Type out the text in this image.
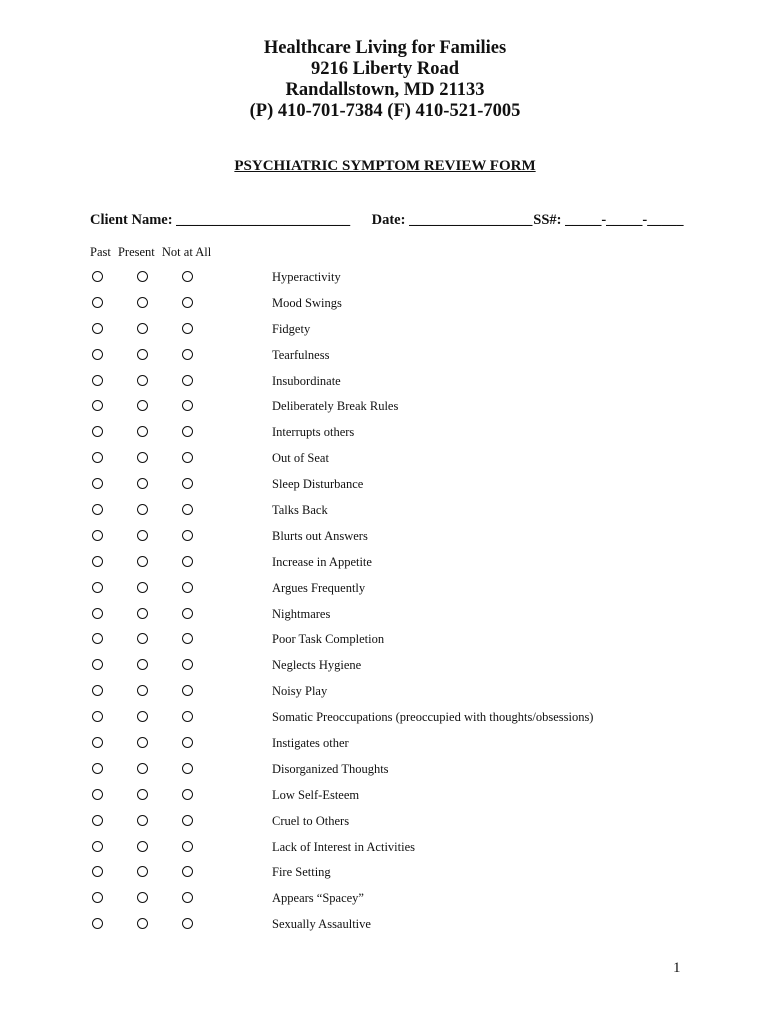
Healthcare Living for Families
9216 Liberty Road
Randallstown, MD 21133
(P) 410-701-7384 (F) 410-521-7005
PSYCHIATRIC SYMPTOM REVIEW FORM
Client Name: ________________________ Date: _________________ SS#: _____-_____-_____
Past Present Not at All
Hyperactivity
Mood Swings
Fidgety
Tearfulness
Insubordinate
Deliberately Break Rules
Interrupts others
Out of Seat
Sleep Disturbance
Talks Back
Blurts out Answers
Increase in Appetite
Argues Frequently
Nightmares
Poor Task Completion
Neglects Hygiene
Noisy Play
Somatic Preoccupations (preoccupied with thoughts/obsessions)
Instigates other
Disorganized Thoughts
Low Self-Esteem
Cruel to Others
Lack of Interest in Activities
Fire Setting
Appears “Spacey”
Sexually Assaultive
1
